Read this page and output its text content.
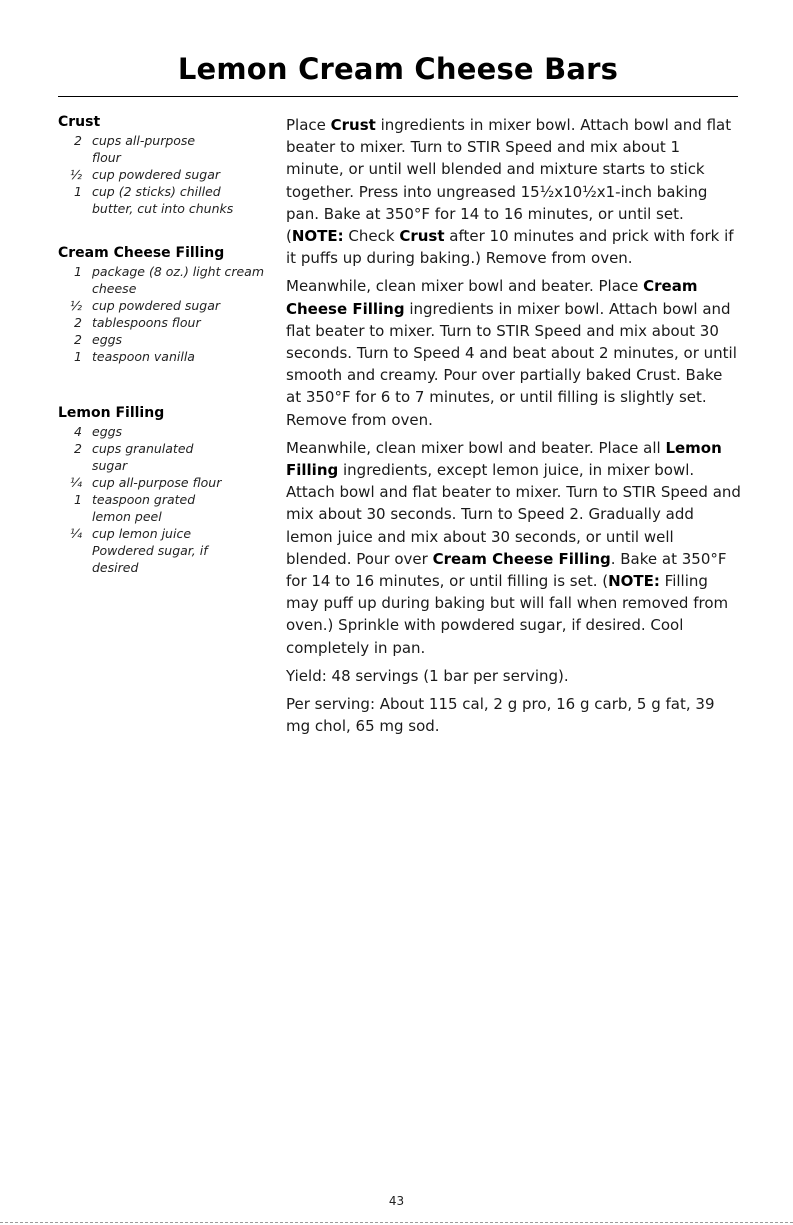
Lemon Cream Cheese Bars
Crust
2 cups all-purpose flour
½ cup powdered sugar
1 cup (2 sticks) chilled butter, cut into chunks
Cream Cheese Filling
1 package (8 oz.) light cream cheese
½ cup powdered sugar
2 tablespoons flour
2 eggs
1 teaspoon vanilla
Lemon Filling
4 eggs
2 cups granulated sugar
¼ cup all-purpose flour
1 teaspoon grated lemon peel
¼ cup lemon juice
Powdered sugar, if desired

Place Crust ingredients in mixer bowl. Attach bowl and flat beater to mixer. Turn to STIR Speed and mix about 1 minute, or until well blended and mixture starts to stick together. Press into ungreased 15½x10½x1-inch baking pan. Bake at 350°F for 14 to 16 minutes, or until set. (NOTE: Check Crust after 10 minutes and prick with fork if it puffs up during baking.) Remove from oven.

Meanwhile, clean mixer bowl and beater. Place Cream Cheese Filling ingredients in mixer bowl. Attach bowl and flat beater to mixer. Turn to STIR Speed and mix about 30 seconds. Turn to Speed 4 and beat about 2 minutes, or until smooth and creamy. Pour over partially baked Crust. Bake at 350°F for 6 to 7 minutes, or until filling is slightly set. Remove from oven.

Meanwhile, clean mixer bowl and beater. Place all Lemon Filling ingredients, except lemon juice, in mixer bowl. Attach bowl and flat beater to mixer. Turn to STIR Speed and mix about 30 seconds. Turn to Speed 2. Gradually add lemon juice and mix about 30 seconds, or until well blended. Pour over Cream Cheese Filling. Bake at 350°F for 14 to 16 minutes, or until filling is set. (NOTE: Filling may puff up during baking but will fall when removed from oven.) Sprinkle with powdered sugar, if desired. Cool completely in pan.

Yield: 48 servings (1 bar per serving).

Per serving: About 115 cal, 2 g pro, 16 g carb, 5 g fat, 39 mg chol, 65 mg sod.

43
